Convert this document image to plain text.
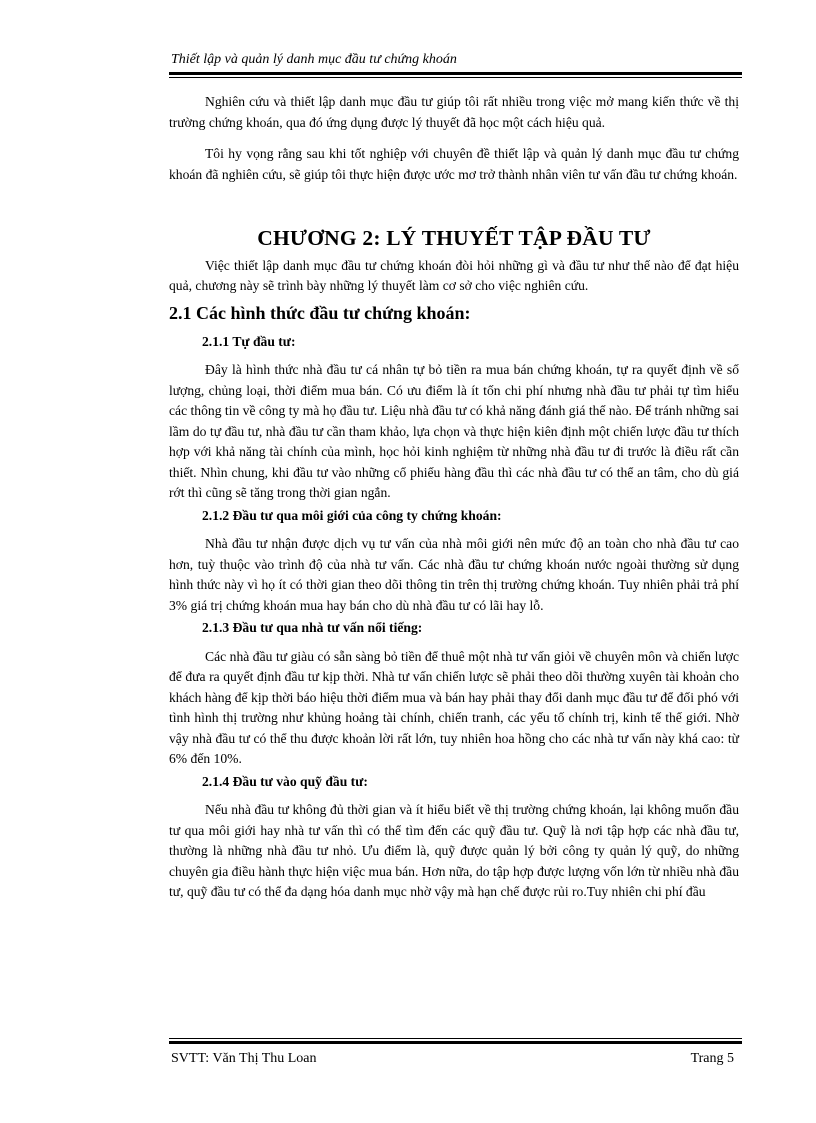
Thiết lập và quản lý danh mục đầu tư chứng khoán

Nghiên cứu và thiết lập danh mục đầu tư giúp tôi rất nhiều trong việc mở mang kiến thức về thị trường chứng khoán, qua đó ứng dụng được lý thuyết đã học một cách hiệu quả.

Tôi hy vọng rằng sau khi tốt nghiệp với chuyên đề thiết lập và quản lý danh mục đầu tư chứng khoán đã nghiên cứu, sẽ giúp tôi thực hiện được ước mơ trở thành nhân viên tư vấn đầu tư chứng khoán.

CHƯƠNG 2: LÝ THUYẾT TẬP ĐẦU TƯ

Việc thiết lập danh mục đầu tư chứng khoán đòi hỏi những gì và đầu tư như thế nào để đạt hiệu quả, chương này sẽ trình bày những lý thuyết làm cơ sở cho việc nghiên cứu.

2.1 Các hình thức đầu tư chứng khoán:
2.1.1 Tự đầu tư:

Đây là hình thức nhà đầu tư cá nhân tự bỏ tiền ra mua bán chứng khoán, tự ra quyết định về số lượng, chủng loại, thời điểm mua bán. Có ưu điểm là ít tốn chi phí nhưng nhà đầu tư phải tự tìm hiểu các thông tin về công ty mà họ đầu tư. Liệu nhà đầu tư có khả năng đánh giá thế nào. Để tránh những sai lầm do tự đầu tư, nhà đầu tư cần tham khảo, lựa chọn và thực hiện kiên định một chiến lược đầu tư thích hợp với khả năng tài chính của mình, học hỏi kinh nghiệm từ những nhà đầu tư đi trước là điều rất cần thiết. Nhìn chung, khi đầu tư vào những cổ phiếu hàng đầu thì các nhà đầu tư có thể an tâm, cho dù giá rớt thì cũng sẽ tăng trong thời gian ngắn.

2.1.2 Đầu tư qua môi giới của công ty chứng khoán:

Nhà đầu tư nhận được dịch vụ tư vấn của nhà môi giới nên mức độ an toàn cho nhà đầu tư cao hơn, tuỳ thuộc vào trình độ của nhà tư vấn. Các nhà đầu tư chứng khoán nước ngoài thường sử dụng hình thức này vì họ ít có thời gian theo dõi thông tin trên thị trường chứng khoán. Tuy nhiên phải trả phí 3% giá trị chứng khoán mua hay bán cho dù nhà đầu tư có lãi hay lỗ.

2.1.3 Đầu tư qua nhà tư vấn nổi tiếng:

Các nhà đầu tư giàu có sẵn sàng bỏ tiền để thuê một nhà tư vấn giỏi về chuyên môn và chiến lược để đưa ra quyết định đầu tư kịp thời. Nhà tư vấn chiến lược sẽ phải theo dõi thường xuyên tài khoản cho khách hàng để kịp thời báo hiệu thời điểm mua và bán hay phải thay đổi danh mục đầu tư để đối phó với tình hình thị trường như khủng hoảng tài chính, chiến tranh, các yếu tố chính trị, kinh tế thế giới. Nhờ vậy nhà đầu tư có thể thu được khoản lời rất lớn, tuy nhiên hoa hồng cho các nhà tư vấn này khá cao: từ 6% đến 10%.

2.1.4 Đầu tư vào quỹ đầu tư:

Nếu nhà đầu tư không đủ thời gian và ít hiểu biết về thị trường chứng khoán, lại không muốn đầu tư qua môi giới hay nhà tư vấn thì có thể tìm đến các quỹ đầu tư. Quỹ là nơi tập hợp các nhà đầu tư, thường là những nhà đầu tư nhỏ. Ưu điểm là, quỹ được quản lý bởi công ty quản lý quỹ, do những chuyên gia điều hành thực hiện việc mua bán. Hơn nữa, do tập hợp được lượng vốn lớn từ nhiều nhà đầu tư, quỹ đầu tư có thể đa dạng hóa danh mục nhờ vậy mà hạn chế được rủi ro.Tuy nhiên chi phí đầu

SVTT: Văn Thị Thu Loan	Trang 5
